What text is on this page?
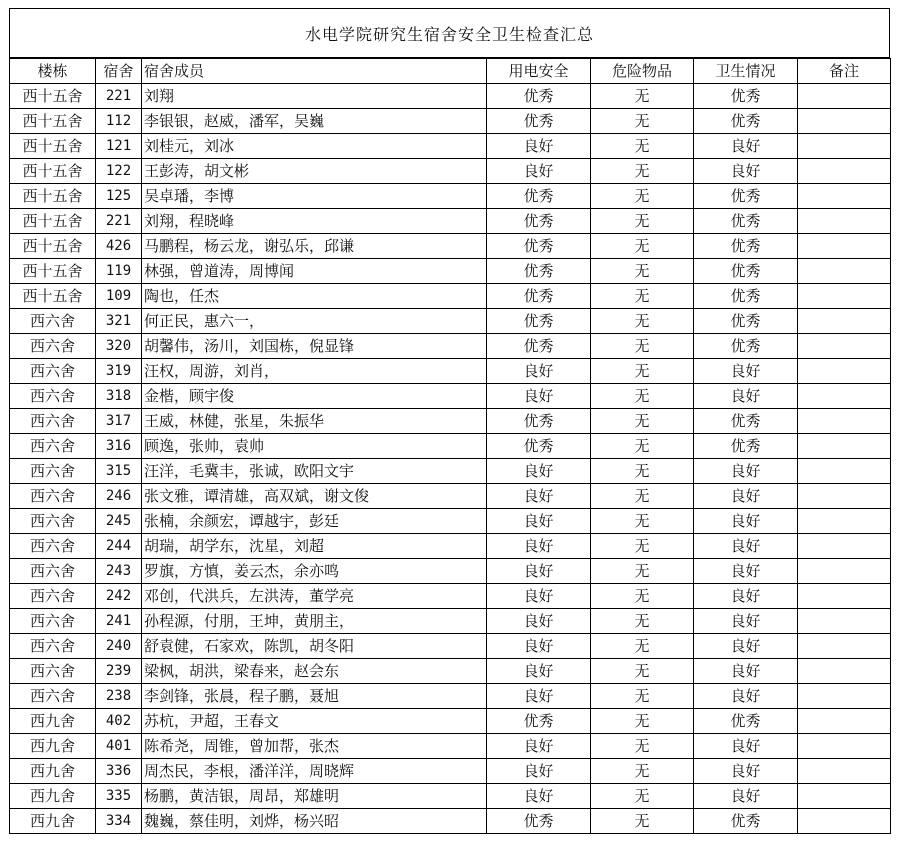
水电学院研究生宿舍安全卫生检查汇总
楼栋	宿舍	宿舍成员	用电安全	危险物品	卫生情况	备注
西十五舍	221	刘翔	优秀	无	优秀	
西十五舍	112	李银银，赵威，潘军，吴巍	优秀	无	优秀	
西十五舍	121	刘桂元，刘冰	良好	无	良好	
西十五舍	122	王彭涛，胡文彬	良好	无	良好	
西十五舍	125	吴卓璠，李博	优秀	无	优秀	
西十五舍	221	刘翔，程晓峰	优秀	无	优秀	
西十五舍	426	马鹏程，杨云龙，谢弘乐，邱谦	优秀	无	优秀	
西十五舍	119	林强，曾道涛，周博闻	优秀	无	优秀	
西十五舍	109	陶也，任杰	优秀	无	优秀	
西六舍	321	何正民，惠六一，	优秀	无	优秀	
西六舍	320	胡馨伟，汤川，刘国栋，倪显锋	优秀	无	优秀	
西六舍	319	汪权，周游，刘肖，	良好	无	良好	
西六舍	318	金楷，顾宇俊	良好	无	良好	
西六舍	317	王威，林健，张星，朱振华	优秀	无	优秀	
西六舍	316	顾逸，张帅，袁帅	优秀	无	优秀	
西六舍	315	汪洋，毛冀丰，张诚，欧阳文宇	良好	无	良好	
西六舍	246	张文雅，谭清雄，高双斌，谢文俊	良好	无	良好	
西六舍	245	张楠，余颜宏，谭越宇，彭廷	良好	无	良好	
西六舍	244	胡瑞，胡学东，沈星，刘超	良好	无	良好	
西六舍	243	罗旗，方慎，姜云杰，余亦鸣	良好	无	良好	
西六舍	242	邓创，代洪兵，左洪涛，董学亮	良好	无	良好	
西六舍	241	孙程源，付朋，王坤，黄朋主，	良好	无	良好	
西六舍	240	舒袁健，石家欢，陈凯，胡冬阳	良好	无	良好	
西六舍	239	梁枫，胡洪，梁春来，赵会东	良好	无	良好	
西六舍	238	李剑锋，张晨，程子鹏，聂旭	良好	无	良好	
西九舍	402	苏杭，尹超，王春文	优秀	无	优秀	
西九舍	401	陈希尧，周锥，曾加帮，张杰	良好	无	良好	
西九舍	336	周杰民，李根，潘洋洋，周晓辉	良好	无	良好	
西九舍	335	杨鹏，黄洁银，周昂，郑雄明	良好	无	良好	
西九舍	334	魏巍，蔡佳明，刘烨，杨兴昭	优秀	无	优秀	
